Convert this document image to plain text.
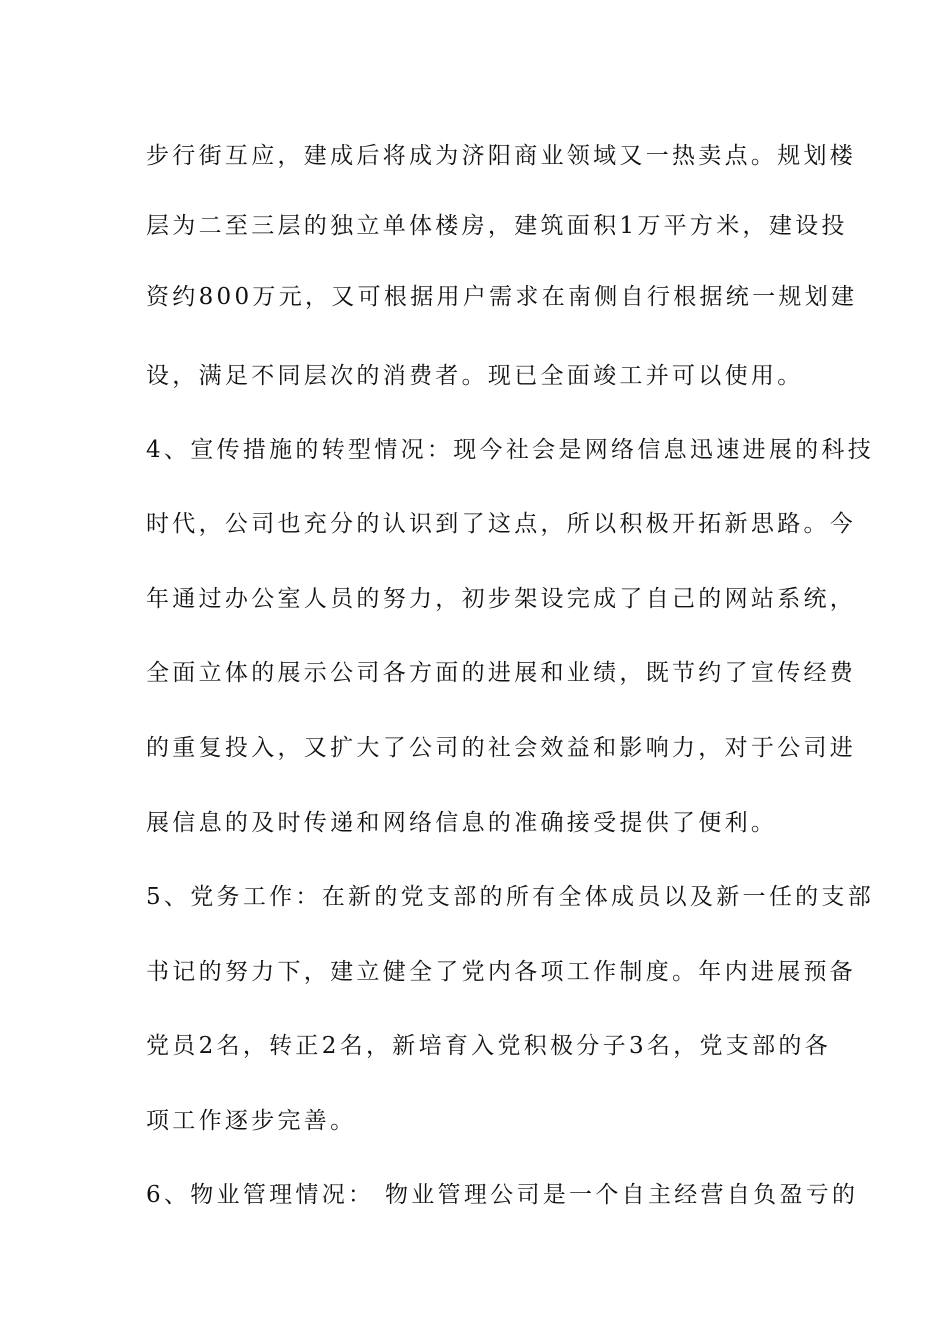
步行街互应，建成后将成为济阳商业领域又一热卖点。规划楼
层为二至三层的独立单体楼房，建筑面积1万平方米，建设投
资约800万元，又可根据用户需求在南侧自行根据统一规划建
设，满足不同层次的消费者。现已全面竣工并可以使用。
4、宣传措施的转型情况：现今社会是网络信息迅速进展的科技
时代，公司也充分的认识到了这点，所以积极开拓新思路。今
年通过办公室人员的努力，初步架设完成了自己的网站系统，
全面立体的展示公司各方面的进展和业绩，既节约了宣传经费
的重复投入，又扩大了公司的社会效益和影响力，对于公司进
展信息的及时传递和网络信息的准确接受提供了便利。
5、党务工作：在新的党支部的所有全体成员以及新一任的支部
书记的努力下，建立健全了党内各项工作制度。年内进展预备
党员2名，转正2名，新培育入党积极分子3名，党支部的各
项工作逐步完善。
6、物业管理情况： 物业管理公司是一个自主经营自负盈亏的
